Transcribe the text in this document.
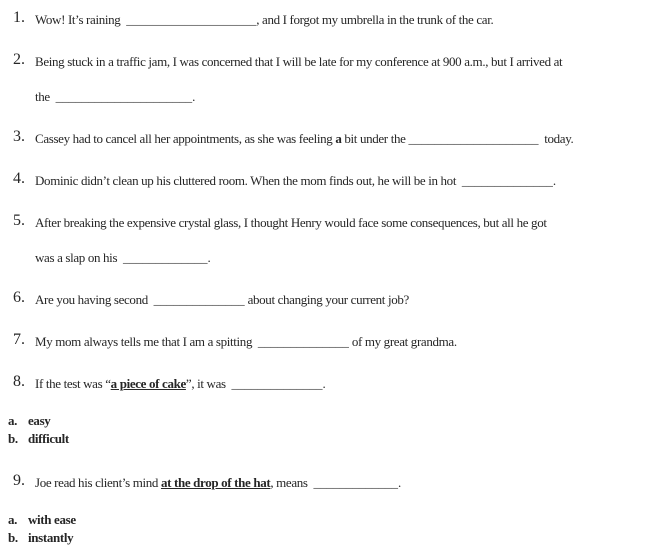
1. Wow! It’s raining  ____________________, and I forgot my umbrella in the trunk of the car.
2. Being stuck in a traffic jam, I was concerned that I will be late for my conference at 900 a.m., but I arrived at
the  _____________________.
3. Cassey had to cancel all her appointments, as she was feeling a bit under the ____________________  today.
4. Dominic didn’t clean up his cluttered room. When the mom finds out, he will be in hot  ______________.
5. After breaking the expensive crystal glass, I thought Henry would face some consequences, but all he got
was a slap on his  _____________.
6. Are you having second  ______________ about changing your current job?
7. My mom always tells me that I am a spitting  ______________ of my great grandma.
8. If the test was “a piece of cake”, it was  ______________.
a. easy
b. difficult
9. Joe read his client’s mind at the drop of the hat, means  _____________.
a. with ease
b. instantly
